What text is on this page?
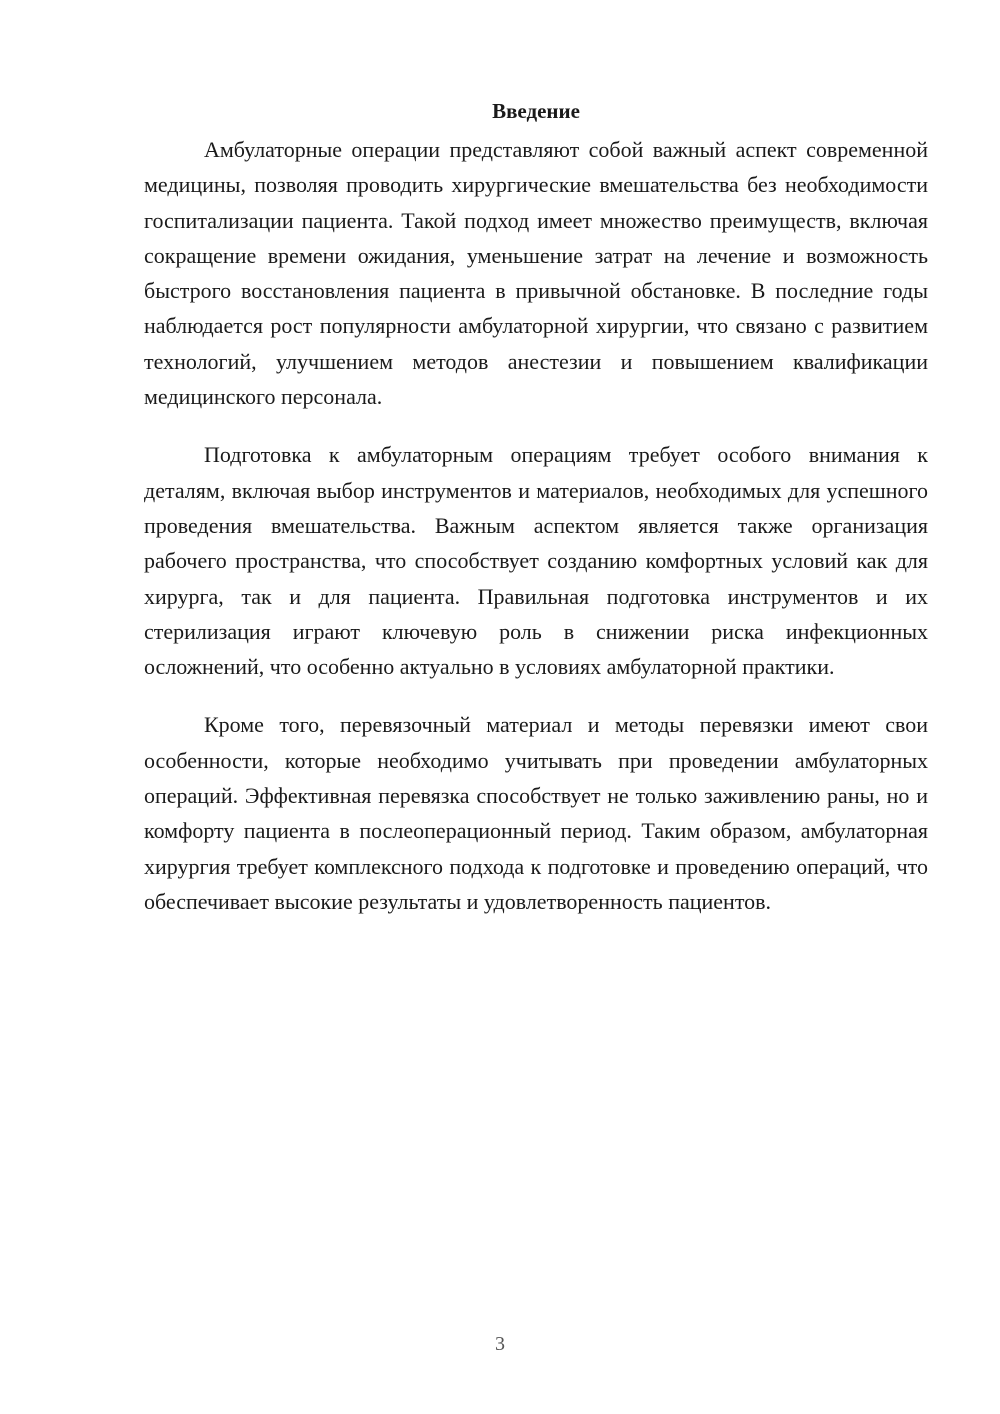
Введение

Амбулаторные операции представляют собой важный аспект современной медицины, позволяя проводить хирургические вмешательства без необходимости госпитализации пациента. Такой подход имеет множество преимуществ, включая сокращение времени ожидания, уменьшение затрат на лечение и возможность быстрого восстановления пациента в привычной обстановке. В последние годы наблюдается рост популярности амбулаторной хирургии, что связано с развитием технологий, улучшением методов анестезии и повышением квалификации медицинского персонала.

Подготовка к амбулаторным операциям требует особого внимания к деталям, включая выбор инструментов и материалов, необходимых для успешного проведения вмешательства. Важным аспектом является также организация рабочего пространства, что способствует созданию комфортных условий как для хирурга, так и для пациента. Правильная подготовка инструментов и их стерилизация играют ключевую роль в снижении риска инфекционных осложнений, что особенно актуально в условиях амбулаторной практики.

Кроме того, перевязочный материал и методы перевязки имеют свои особенности, которые необходимо учитывать при проведении амбулаторных операций. Эффективная перевязка способствует не только заживлению раны, но и комфорту пациента в послеоперационный период. Таким образом, амбулаторная хирургия требует комплексного подхода к подготовке и проведению операций, что обеспечивает высокие результаты и удовлетворенность пациентов.

3
